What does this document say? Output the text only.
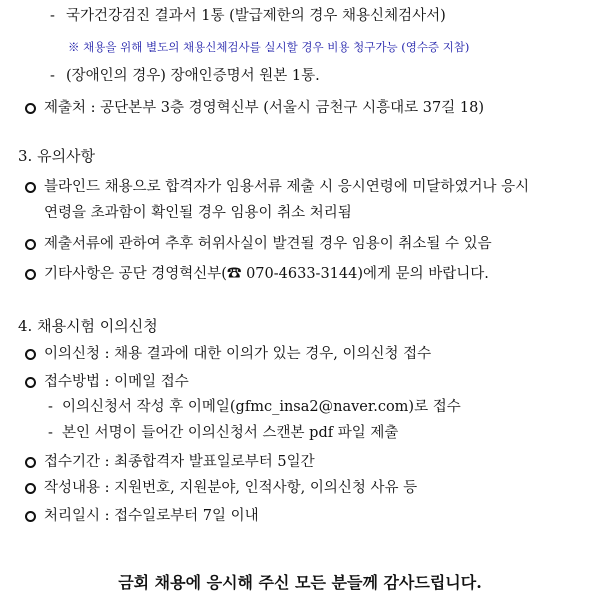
- 국가건강검진 결과서 1통 (발급제한의 경우 채용신체검사서)
※ 채용을 위해 별도의 채용신체검사를 실시할 경우 비용 청구가능 (영수증 지참)
- (장애인의 경우) 장애인증명서 원본 1통.
제출처 : 공단본부 3층 경영혁신부 (서울시 금천구 시흥대로 37길 18)
3. 유의사항
블라인드 채용으로 합격자가 임용서류 제출 시 응시연령에 미달하였거나 응시
연령을 초과함이 확인될 경우 임용이 취소 처리됨
제출서류에 관하여 추후 허위사실이 발견될 경우 임용이 취소될 수 있음
기타사항은 공단 경영혁신부(☎ 070-4633-3144)에게 문의 바랍니다.
4. 채용시험 이의신청
이의신청 : 채용 결과에 대한 이의가 있는 경우, 이의신청 접수
접수방법 : 이메일 접수
- 이의신청서 작성 후 이메일(gfmc_insa2@naver.com)로 접수
- 본인 서명이 들어간 이의신청서 스캔본 pdf 파일 제출
접수기간 : 최종합격자 발표일로부터 5일간
작성내용 : 지원번호, 지원분야, 인적사항, 이의신청 사유 등
처리일시 : 접수일로부터 7일 이내
금회 채용에 응시해 주신 모든 분들께 감사드립니다.
